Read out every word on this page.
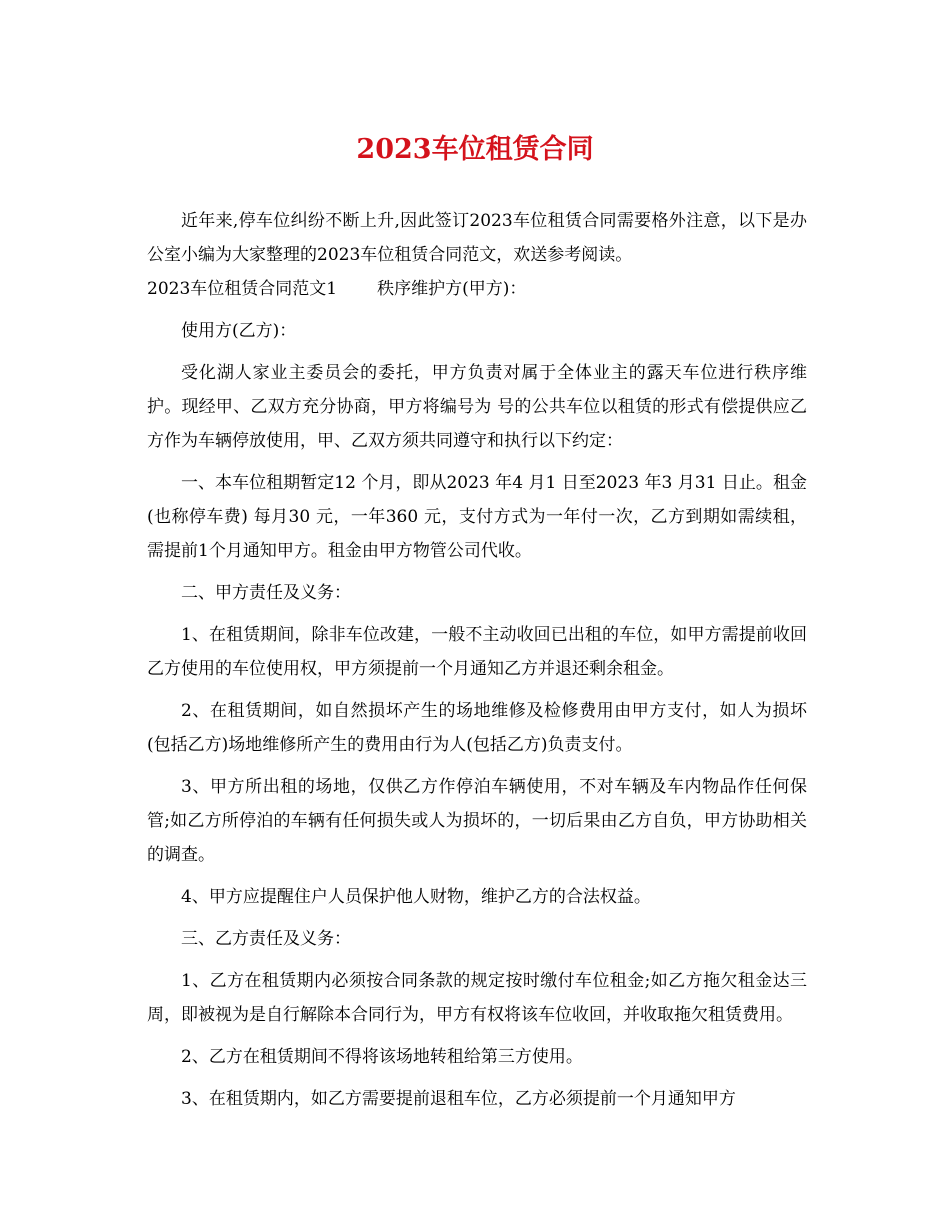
2023车位租赁合同

近年来,停车位纠纷不断上升,因此签订2023车位租赁合同需要格外注意，以下是办公室小编为大家整理的2023车位租赁合同范文，欢送参考阅读。

2023车位租赁合同范文1 秩序维护方(甲方)：

使用方(乙方)：

受化湖人家业主委员会的委托，甲方负责对属于全体业主的露天车位进行秩序维护。现经甲、乙双方充分协商，甲方将编号为 号的公共车位以租赁的形式有偿提供应乙方作为车辆停放使用，甲、乙双方须共同遵守和执行以下约定：

一、本车位租期暂定12 个月，即从2023 年4 月1 日至2023 年3 月31 日止。租金(也称停车费) 每月30 元，一年360 元，支付方式为一年付一次，乙方到期如需续租，需提前1个月通知甲方。租金由甲方物管公司代收。

二、甲方责任及义务：

1、在租赁期间，除非车位改建，一般不主动收回已出租的车位，如甲方需提前收回乙方使用的车位使用权，甲方须提前一个月通知乙方并退还剩余租金。

2、在租赁期间，如自然损坏产生的场地维修及检修费用由甲方支付，如人为损坏(包括乙方)场地维修所产生的费用由行为人(包括乙方)负责支付。

3、甲方所出租的场地，仅供乙方作停泊车辆使用，不对车辆及车内物品作任何保管;如乙方所停泊的车辆有任何损失或人为损坏的，一切后果由乙方自负，甲方协助相关的调查。

4、甲方应提醒住户人员保护他人财物，维护乙方的合法权益。

三、乙方责任及义务：

1、乙方在租赁期内必须按合同条款的规定按时缴付车位租金;如乙方拖欠租金达三周，即被视为是自行解除本合同行为，甲方有权将该车位收回，并收取拖欠租赁费用。

2、乙方在租赁期间不得将该场地转租给第三方使用。

3、在租赁期内，如乙方需要提前退租车位，乙方必须提前一个月通知甲方
